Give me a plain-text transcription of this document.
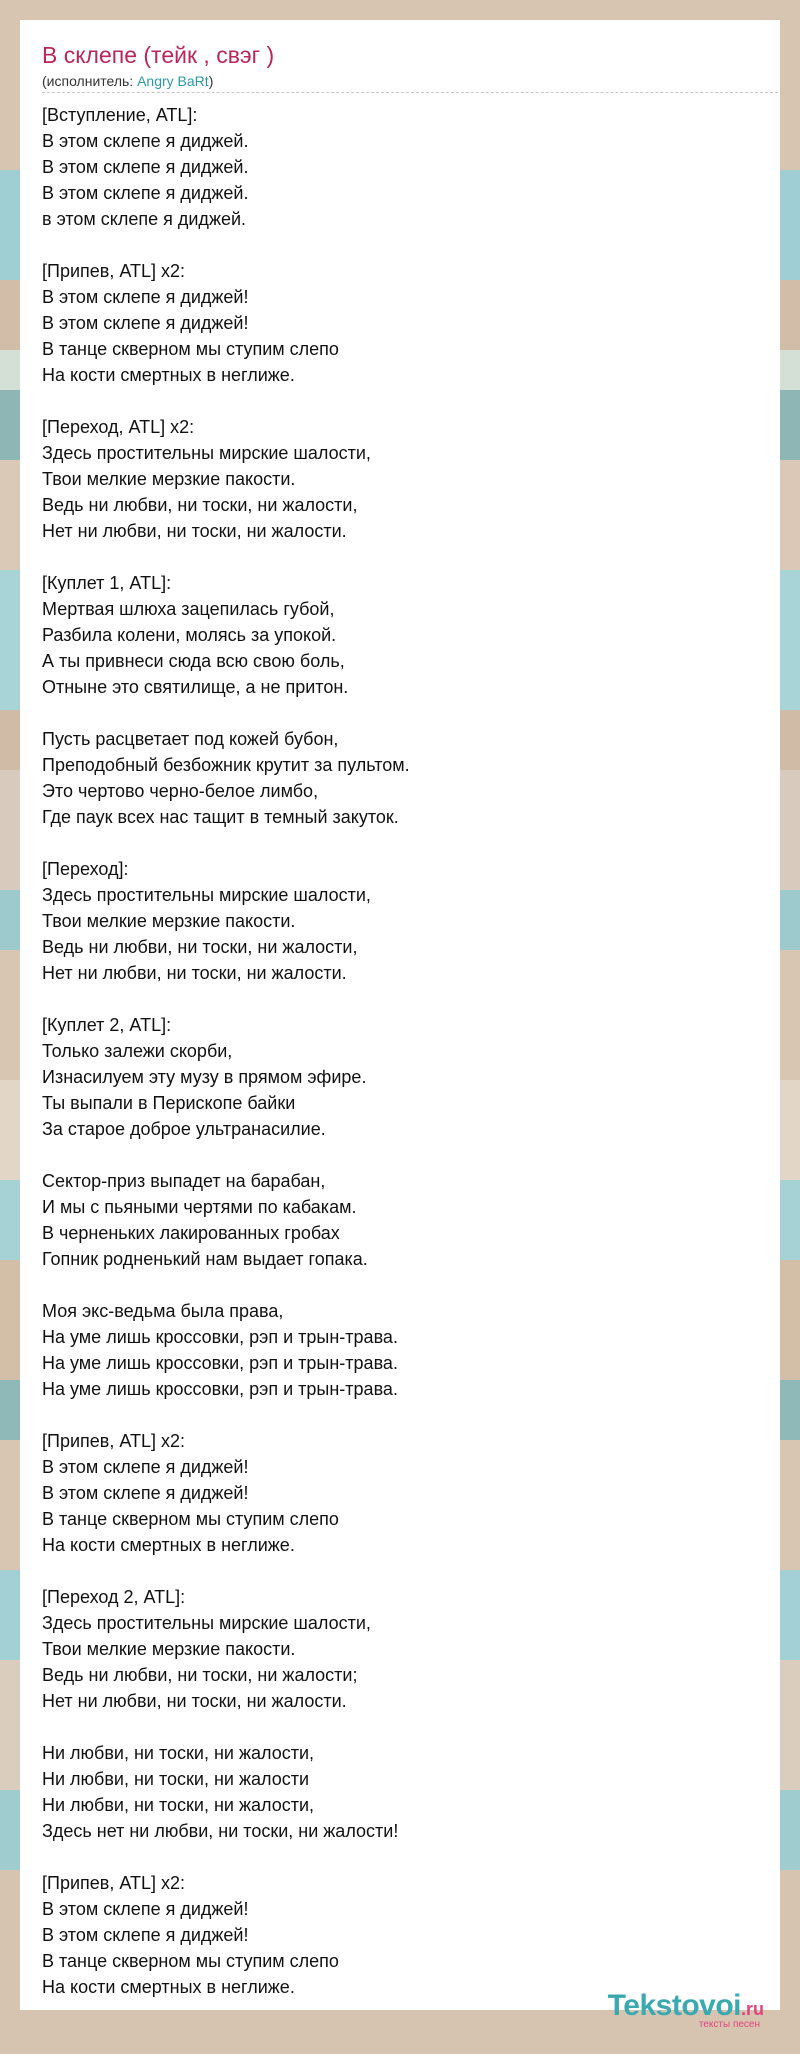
В склепе (тейк , свэг )
(исполнитель: Angry BaRt)

[Вступление, ATL]:
В этом склепе я диджей.
В этом склепе я диджей.
В этом склепе я диджей.
в этом склепе я диджей.

[Припев, ATL] x2:
В этом склепе я диджей!
В этом склепе я диджей!
В танце скверном мы ступим слепо
На кости смертных в неглиже.

[Переход, ATL] x2:
Здесь простительны мирские шалости,
Твои мелкие мерзкие пакости.
Ведь ни любви, ни тоски, ни жалости,
Нет ни любви, ни тоски, ни жалости.

[Куплет 1, ATL]:
Мертвая шлюха зацепилась губой,
Разбила колени, молясь за упокой.
А ты привнеси сюда всю свою боль,
Отныне это святилище, а не притон.

Пусть расцветает под кожей бубон,
Преподобный безбожник крутит за пультом.
Это чертово черно-белое лимбо,
Где паук всех нас тащит в темный закуток.

[Переход]:
Здесь простительны мирские шалости,
Твои мелкие мерзкие пакости.
Ведь ни любви, ни тоски, ни жалости,
Нет ни любви, ни тоски, ни жалости.

[Куплет 2, ATL]:
Только залежи скорби,
Изнасилуем эту музу в прямом эфире.
Ты выпали в Перископе байки
За старое доброе ультранасилие.

Сектор-приз выпадет на барабан,
И мы с пьяными чертями по кабакам.
В черненьких лакированных гробах
Гопник родненький нам выдает гопака.

Моя экс-ведьма была права,
На уме лишь кроссовки, рэп и трын-трава.
На уме лишь кроссовки, рэп и трын-трава.
На уме лишь кроссовки, рэп и трын-трава.

[Припев, ATL] x2:
В этом склепе я диджей!
В этом склепе я диджей!
В танце скверном мы ступим слепо
На кости смертных в неглиже.

[Переход 2, ATL]:
Здесь простительны мирские шалости,
Твои мелкие мерзкие пакости.
Ведь ни любви, ни тоски, ни жалости;
Нет ни любви, ни тоски, ни жалости.

Ни любви, ни тоски, ни жалости,
Ни любви, ни тоски, ни жалости
Ни любви, ни тоски, ни жалости,
Здесь нет ни любви, ни тоски, ни жалости!

[Припев, ATL] x2:
В этом склепе я диджей!
В этом склепе я диджей!
В танце скверном мы ступим слепо
На кости смертных в неглиже.

Tekstovoi.ru
тексты песен
